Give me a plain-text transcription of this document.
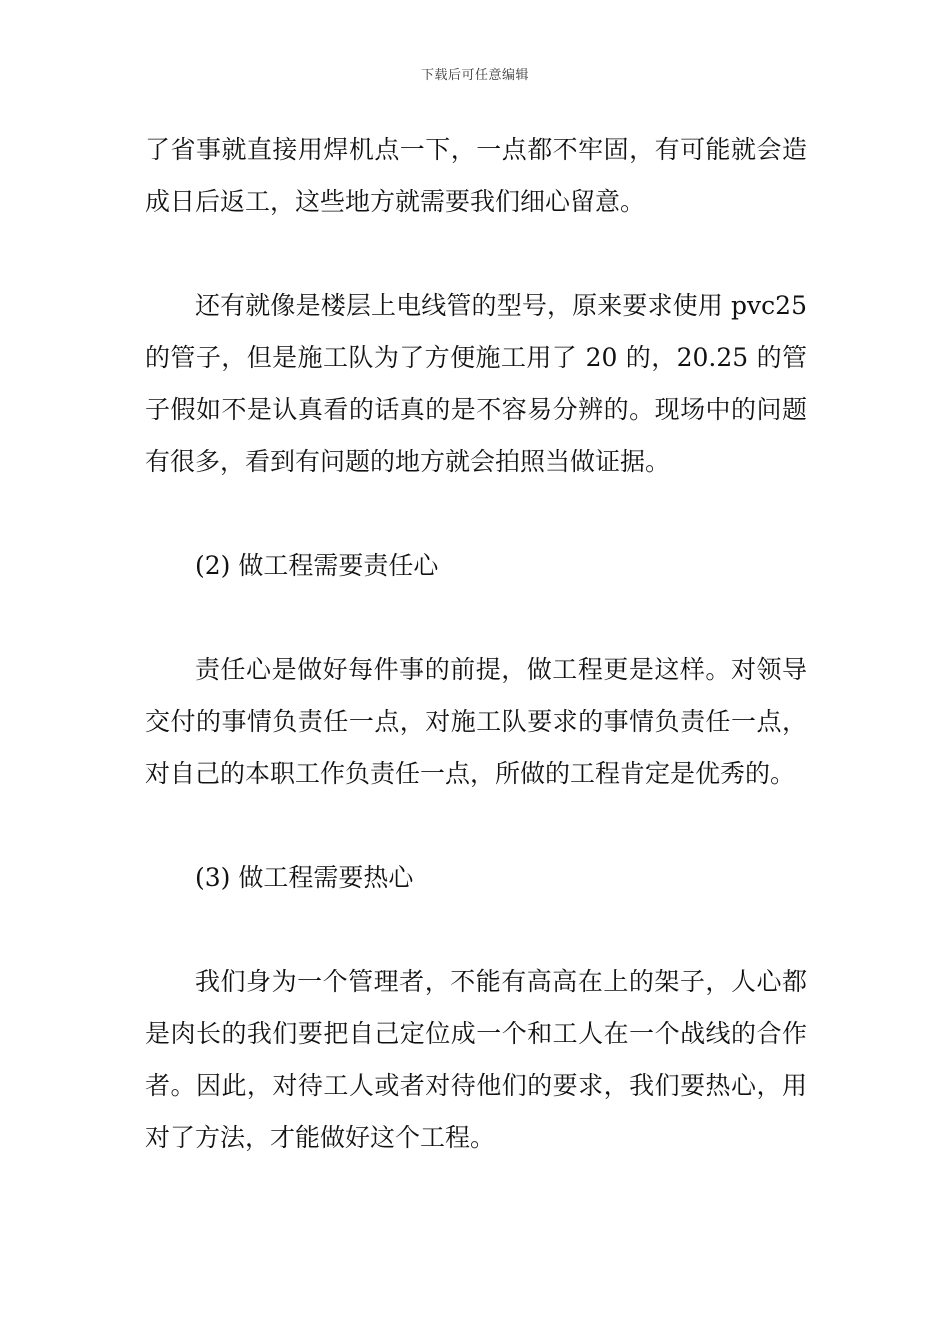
下载后可任意编辑

了省事就直接用焊机点一下，一点都不牢固，有可能就会造成日后返工，这些地方就需要我们细心留意。

还有就像是楼层上电线管的型号，原来要求使用 pvc25 的管子，但是施工队为了方便施工用了 20 的，20.25 的管子假如不是认真看的话真的是不容易分辨的。现场中的问题有很多，看到有问题的地方就会拍照当做证据。

(2) 做工程需要责任心

责任心是做好每件事的前提，做工程更是这样。对领导交付的事情负责任一点，对施工队要求的事情负责任一点，对自己的本职工作负责任一点，所做的工程肯定是优秀的。

(3) 做工程需要热心

我们身为一个管理者，不能有高高在上的架子，人心都是肉长的我们要把自己定位成一个和工人在一个战线的合作者。因此，对待工人或者对待他们的要求，我们要热心，用对了方法，才能做好这个工程。
